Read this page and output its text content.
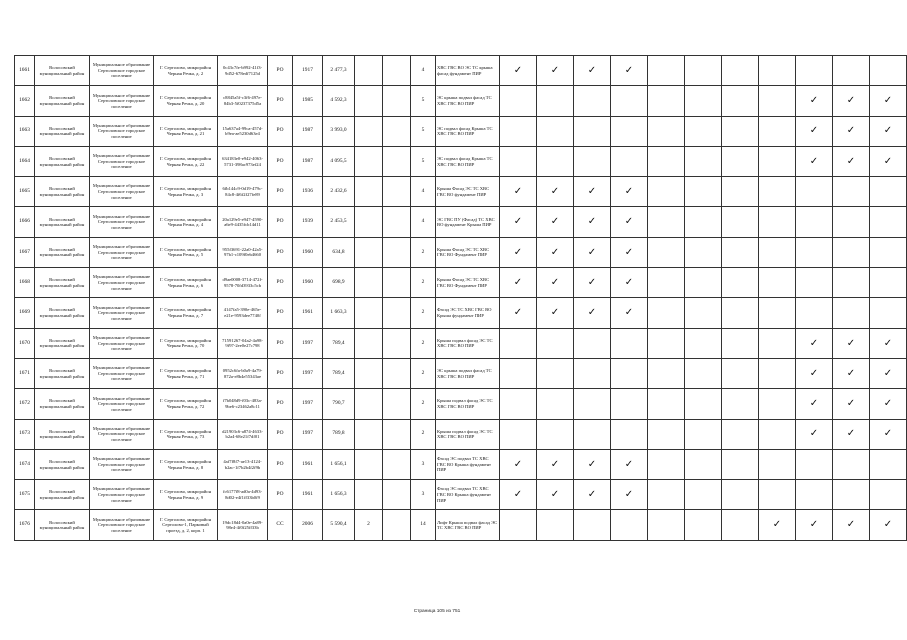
1661	Волосовский муниципальный район	Муниципальное образование Сертоловское городское поселение	Г. Сертолово, микрорайон Черная Речка, д. 2	0c43c7fe-b992-41f3-9d52-678edf7125d	РО	1917	2 477,3			4	ХВС ГВС ВО ЭС ТС крыша фасад фундамент ПИР	✓	✓	✓	✓							
1662	Волосовский муниципальный район	Муниципальное образование Сертоловское городское поселение	Г. Сертолово, микрорайон Черная Речка, д. 20	c8845a5f-c3f6-497e-84b3-5f0237375d5a	РО	1985	4 592,3			5	ЭС крыша подвал фасад ТС ХВС ГВС ВО ПИР									✓	✓	✓
1663	Волосовский муниципальный район	Муниципальное образование Сертоловское городское поселение	Г. Сертолово, микрорайон Черная Речка, д. 21	15a637a4-99ca-457d-b9ea-ae5230d63e4	РО	1987	3 993,0			5	ЭС подвал фасад Крыша ТС ХВС ГВС ВО ПИР									✓	✓	✓
1664	Волосовский муниципальный район	Муниципальное образование Сертоловское городское поселение	Г. Сертолово, микрорайон Черная Речка, д. 22	634183e0-e942-4063-5731-398ac973ef24	РО	1987	4 095,5			5	ЭС подвал фасад Крыша ТС ХВС ГВС ВО ПИР									✓	✓	✓
1665	Волосовский муниципальный район	Муниципальное образование Сертоловское городское поселение	Г. Сертолово, микрорайон Черная Речка, д. 3	6fb144c9-0d19-479c-84c8-4f6f2f27fe89	РО	1936	2 432,6			4	Крыша Фасад ЭС ТС ХВС ГВС ВО фундамент ПИР	✓	✓	✓	✓							
1666	Волосовский муниципальный район	Муниципальное образование Сертоловское городское поселение	Г. Сертолово, микрорайон Черная Речка, д. 4	20a129e5-e947-4590-a6e9-4435fcb14d11	РО	1939	2 453,5			4	ЭС ГВС ПУ (Фасад) ТС ХВС ВО фундамент Крыша ПИР	✓	✓	✓	✓							
1667	Волосовский муниципальный район	Муниципальное образование Сертоловское городское поселение	Г. Сертолово, микрорайон Черная Речка, д. 5	955f3691-22a0-42a5-97b1-c109f0eb4660	РО	1960	634,8			2	Крыша Фасад ЭС ТС ХВС ГВС ВО Фундамент ПИР	✓	✓	✓	✓							
1668	Волосовский муниципальный район	Муниципальное образование Сертоловское городское поселение	Г. Сертолово, микрорайон Черная Речка, д. 6	d9ae0008-3714-472f-9578-70fd3933c5cb	РО	1960	698,9			2	Крыша Фасад ЭС ТС ХВС ГВС ВО Фундамент ПИР	✓	✓	✓	✓							
1669	Волосовский муниципальный район	Муниципальное образование Сертоловское городское поселение	Г. Сертолово, микрорайон Черная Речка, д. 7	4147fa5-390e-465e-e21e-9593dee7740f	РО	1961	1 663,3			2	Фасад ЭС ТС ХВС ГВС ВО Крыша фундамент ПИР	✓	✓	✓	✓							
1670	Волосовский муниципальный район	Муниципальное образование Сертоловское городское поселение	Г. Сертолово, микрорайон Черная Речка, д. 70	71591267-04a2-4a98-9f97-2ee0e27c798	РО	1997	789,4			2	Крыша подвал фасад ЭС ТС ХВС ГВС ВО ПИР									✓	✓	✓
1671	Волосовский муниципальный район	Муниципальное образование Сертоловское городское поселение	Г. Сертолово, микрорайон Черная Речка, д. 71	0952c6fa-b0a9-4a79-872a-e8b4e55343ae	РО	1997	789,4			2	ЭС крыша подвал фасад ТС ХВС ГВС ВО ПИР									✓	✓	✓
1672	Волосовский муниципальный район	Муниципальное образование Сертоловское городское поселение	Г. Сертолово, микрорайон Черная Речка, д. 72	f7b048d9-f03c-483a-9be6-c23462a8c11	РО	1997	790,7			2	Крыша подвал фасад ЭС ТС ХВС ГВС ВО ПИР									✓	✓	✓
1673	Волосовский муниципальный район	Муниципальное образование Сертоловское городское поселение	Г. Сертолово, микрорайон Черная Речка, д. 73	d21903c6-a874-4633-b2a4-68e21f7df01	РО	1997	789,8			2	Крыша подвал фасад ЭС ТС ХВС ГВС ВО ПИР									✓	✓	✓
1674	Волосовский муниципальный район	Муниципальное образование Сертоловское городское поселение	Г. Сертолово, микрорайон Черная Речка, д. 8	4af7f8f7-ae13-4124-b2ac-1f7b2b4f2f9b	РО	1961	1 656,1			3	Фасад ЭС подвал ТС ХВС ГВС ВО Крыша фундамент ПИР	✓	✓	✓	✓							
1675	Волосовский муниципальный район	Муниципальное образование Сертоловское городское поселение	Г. Сертолово, микрорайон Черная Речка, д. 9	fc6177f8-ad0a-4d93-8d02-e4f1ff33b0f9	РО	1961	1 656,3			3	Фасад ЭС подвал ТС ХВС ГВС ВО Крыша фундамент ПИР	✓	✓	✓	✓							
1676	Волосовский муниципальный район	Муниципальное образование Сертоловское городское поселение	Г. Сертолово, микрорайон Сертолово-1, Парковый проезд, д. 2, корп. 1	19dc18d4-0a0e-4a89-98e4-4f0f25ff33b	СС	2006	5 590,4	2		14	Лифт Крыша подвал фасад ЭС ТС ХВС ГВС ВО ПИР								✓	✓	✓	✓
Страница 105 из 751
